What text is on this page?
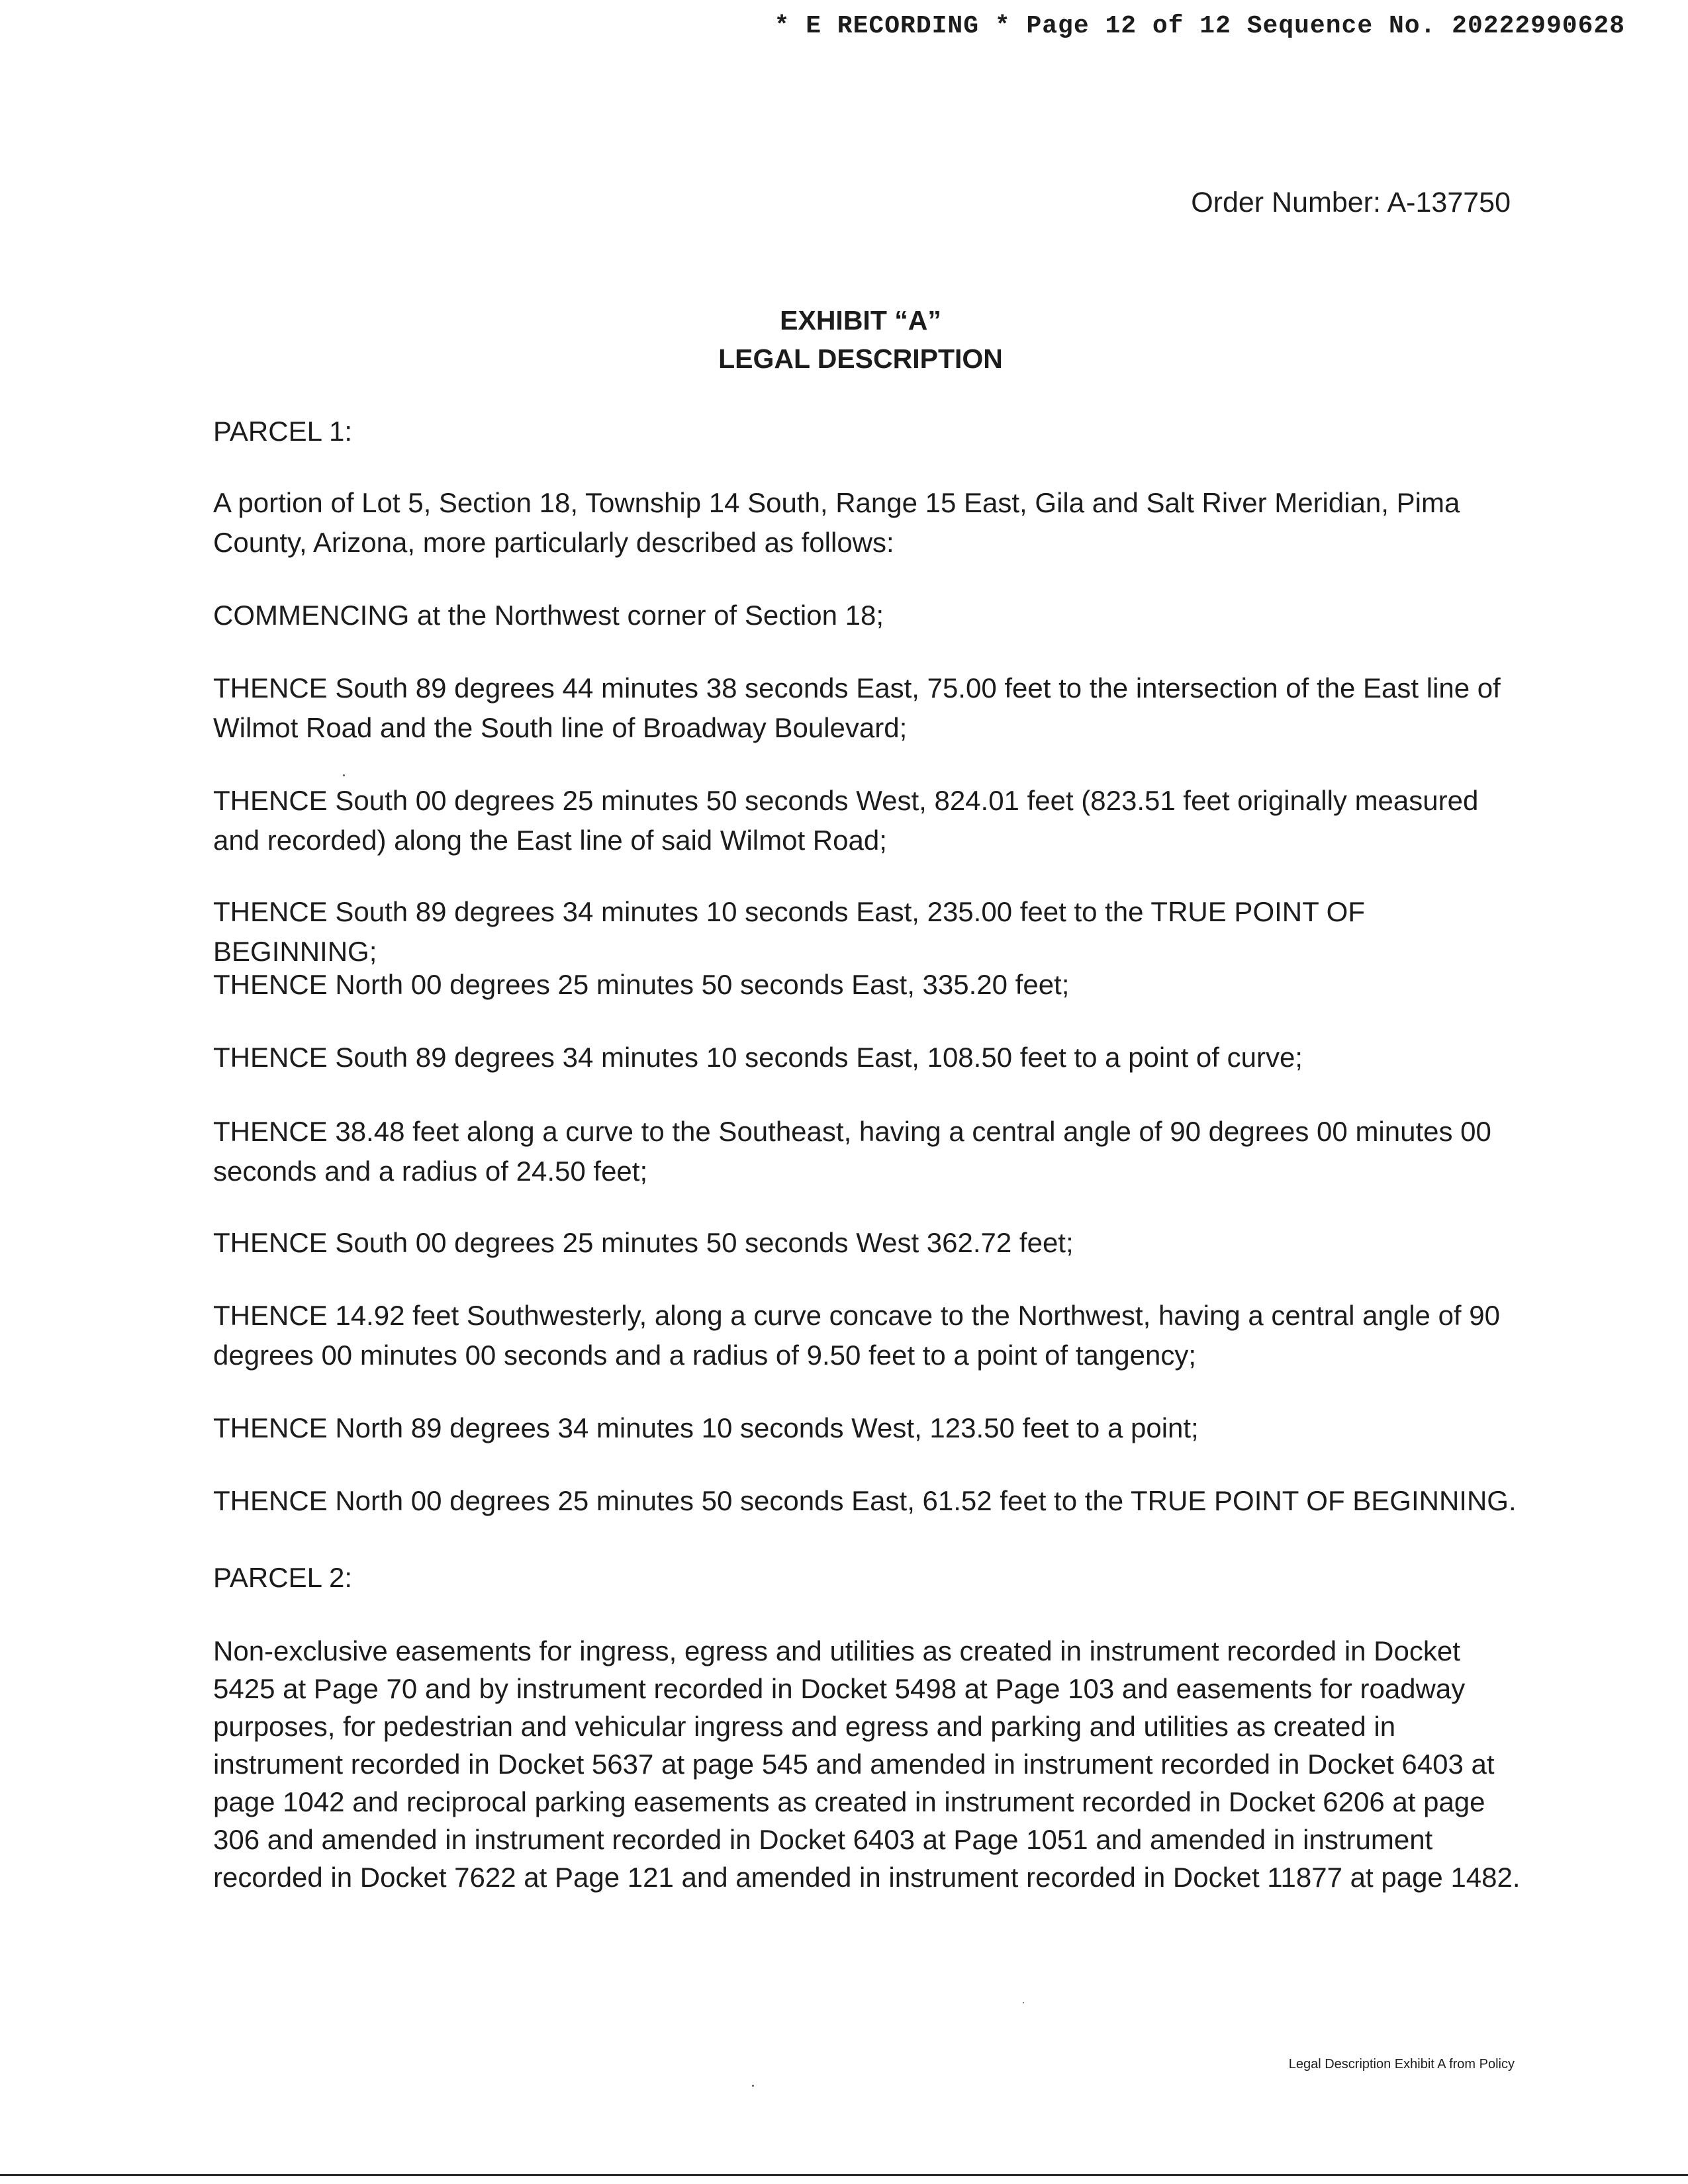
* E RECORDING * Page 12 of 12 Sequence No. 20222990628
Order Number: A-137750
EXHIBIT “A”
LEGAL DESCRIPTION

PARCEL 1:

A portion of Lot 5, Section 18, Township 14 South, Range 15 East, Gila and Salt River Meridian, Pima County, Arizona, more particularly described as follows:

COMMENCING at the Northwest corner of Section 18;

THENCE South 89 degrees 44 minutes 38 seconds East, 75.00 feet to the intersection of the East line of Wilmot Road and the South line of Broadway Boulevard;

THENCE South 00 degrees 25 minutes 50 seconds West, 824.01 feet (823.51 feet originally measured and recorded) along the East line of said Wilmot Road;

THENCE South 89 degrees 34 minutes 10 seconds East, 235.00 feet to the TRUE POINT OF BEGINNING;

THENCE North 00 degrees 25 minutes 50 seconds East, 335.20 feet;

THENCE South 89 degrees 34 minutes 10 seconds East, 108.50 feet to a point of curve;

THENCE 38.48 feet along a curve to the Southeast, having a central angle of 90 degrees 00 minutes 00 seconds and a radius of 24.50 feet;

THENCE South 00 degrees 25 minutes 50 seconds West 362.72 feet;

THENCE 14.92 feet Southwesterly, along a curve concave to the Northwest, having a central angle of 90 degrees 00 minutes 00 seconds and a radius of 9.50 feet to a point of tangency;

THENCE North 89 degrees 34 minutes 10 seconds West, 123.50 feet to a point;

THENCE North 00 degrees 25 minutes 50 seconds East, 61.52 feet to the TRUE POINT OF BEGINNING.

PARCEL 2:

Non-exclusive easements for ingress, egress and utilities as created in instrument recorded in Docket 5425 at Page 70 and by instrument recorded in Docket 5498 at Page 103 and easements for roadway purposes, for pedestrian and vehicular ingress and egress and parking and utilities as created in instrument recorded in Docket 5637 at page 545 and amended in instrument recorded in Docket 6403 at page 1042 and reciprocal parking easements as created in instrument recorded in Docket 6206 at page 306 and amended in instrument recorded in Docket 6403 at Page 1051 and amended in instrument recorded in Docket 7622 at Page 121 and amended in instrument recorded in Docket 11877 at page 1482.

Legal Description Exhibit A from Policy
